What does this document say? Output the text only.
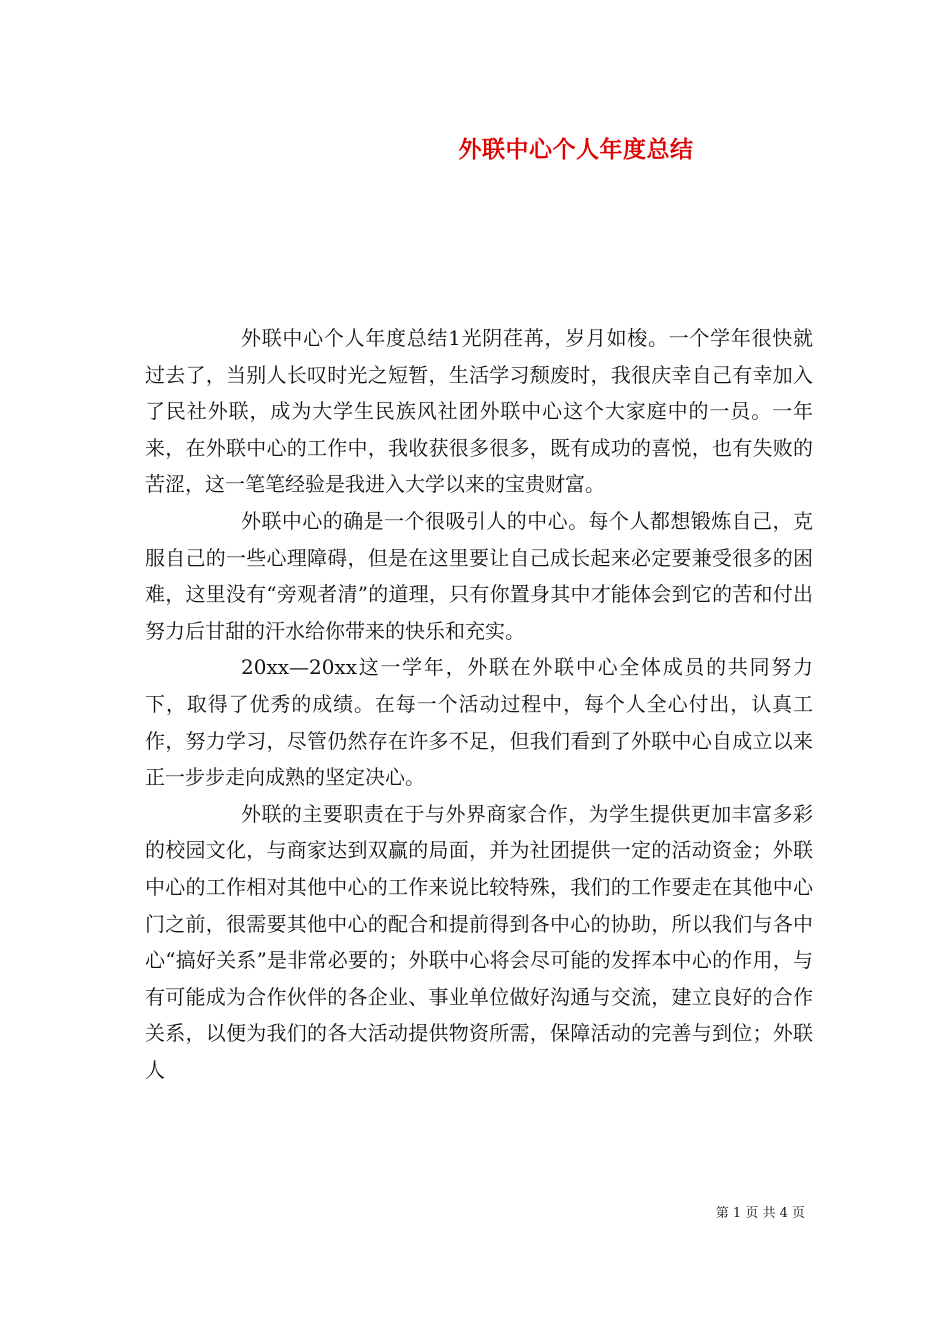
外联中心个人年度总结

外联中心个人年度总结1光阴荏苒，岁月如梭。一个学年很快就过去了，当别人长叹时光之短暂，生活学习颓废时，我很庆幸自己有幸加入了民社外联，成为大学生民族风社团外联中心这个大家庭中的一员。一年来，在外联中心的工作中，我收获很多很多，既有成功的喜悦，也有失败的苦涩，这一笔笔经验是我进入大学以来的宝贵财富。

外联中心的确是一个很吸引人的中心。每个人都想锻炼自己，克服自己的一些心理障碍，但是在这里要让自己成长起来必定要兼受很多的困难，这里没有“旁观者清”的道理，只有你置身其中才能体会到它的苦和付出努力后甘甜的汗水给你带来的快乐和充实。

20xx—20xx这一学年，外联在外联中心全体成员的共同努力下，取得了优秀的成绩。在每一个活动过程中，每个人全心付出，认真工作，努力学习，尽管仍然存在许多不足，但我们看到了外联中心自成立以来正一步步走向成熟的坚定决心。

外联的主要职责在于与外界商家合作，为学生提供更加丰富多彩的校园文化，与商家达到双赢的局面，并为社团提供一定的活动资金；外联中心的工作相对其他中心的工作来说比较特殊，我们的工作要走在其他中心门之前，很需要其他中心的配合和提前得到各中心的协助，所以我们与各中心“搞好关系”是非常必要的；外联中心将会尽可能的发挥本中心的作用，与有可能成为合作伙伴的各企业、事业单位做好沟通与交流，建立良好的合作关系，以便为我们的各大活动提供物资所需，保障活动的完善与到位；外联人

第 1 页 共 4 页
